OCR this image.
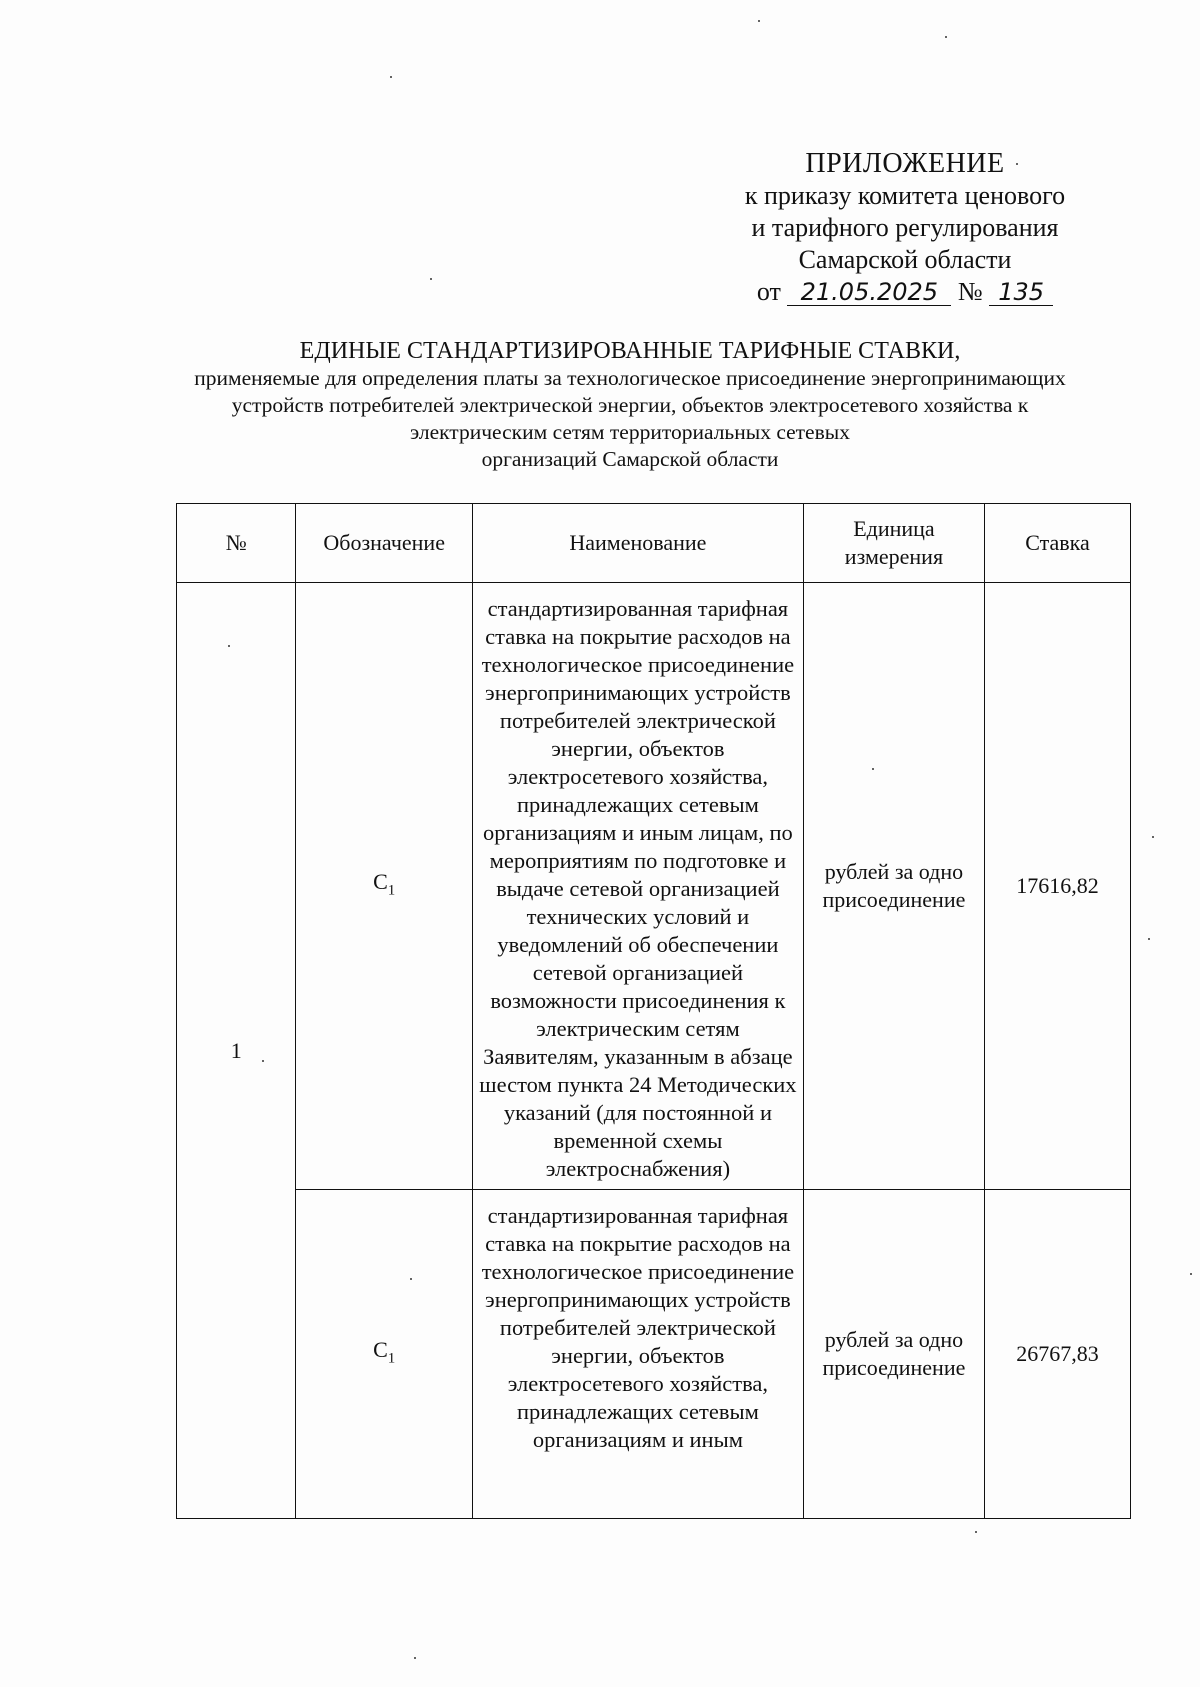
ПРИЛОЖЕНИЕ
к приказу комитета ценового
и тарифного регулирования
Самарской области
от 21.05.2025 № 135
ЕДИНЫЕ СТАНДАРТИЗИРОВАННЫЕ ТАРИФНЫЕ СТАВКИ,
применяемые для определения платы за технологическое присоединение энергопринимающих
устройств потребителей электрической энергии, объектов электросетевого хозяйства к
электрическим сетям территориальных сетевых
организаций Самарской области
№	Обозначение	Наименование	Единица измерения	Ставка
1	$C_1$	стандартизированная тарифная ставка на покрытие расходов на технологическое присоединение энергопринимающих устройств потребителей электрической энергии, объектов электросетевого хозяйства, принадлежащих сетевым организациям и иным лицам, по мероприятиям по подготовке и выдаче сетевой организацией технических условий и уведомлений об обеспечении сетевой организацией возможности присоединения к электрическим сетям Заявителям, указанным в абзаце шестом пункта 24 Методических указаний (для постоянной и временной схемы электроснабжения)	рублей за одно присоединение	17616,82
	$C_1$	стандартизированная тарифная ставка на покрытие расходов на технологическое присоединение энергопринимающих устройств потребителей электрической энергии, объектов электросетевого хозяйства, принадлежащих сетевым организациям и иным	рублей за одно присоединение	26767,83
